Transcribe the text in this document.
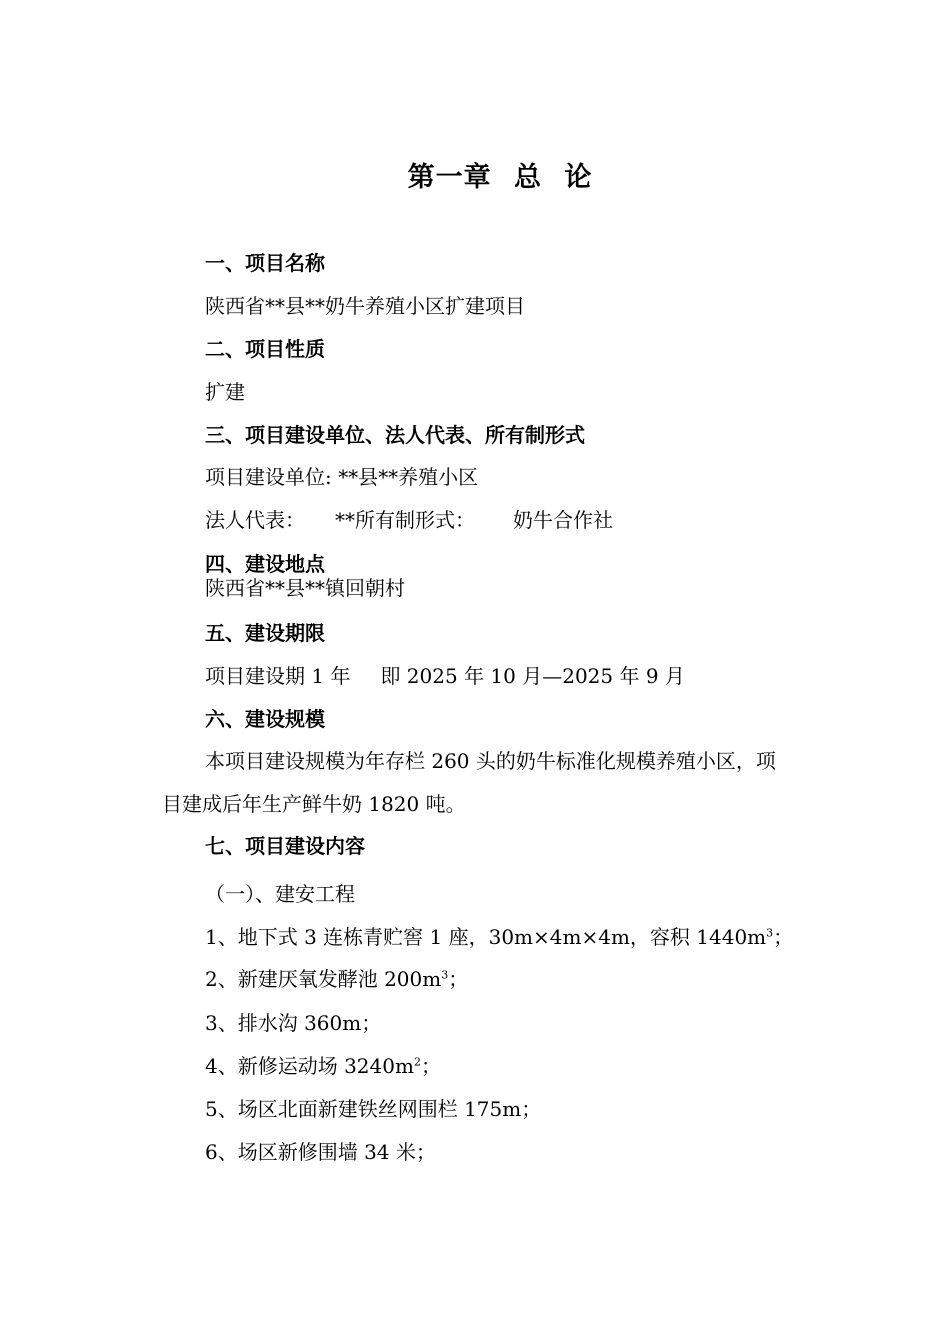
第一章 总 论
一、项目名称
陕西省**县**奶牛养殖小区扩建项目
二、项目性质
扩建
三、项目建设单位、法人代表、所有制形式
项目建设单位: **县**养殖小区
法人代表： **所有制形式： 奶牛合作社
四、建设地点
陕西省**县**镇回朝村
五、建设期限
项目建设期 1 年 即 2025 年 10 月—2025 年 9 月
六、建设规模
本项目建设规模为年存栏 260 头的奶牛标准化规模养殖小区，项
目建成后年生产鲜牛奶 1820 吨。
七、项目建设内容
（一）、建安工程
1、地下式 3 连栋青贮窖 1 座，30m×4m×4m，容积 $1440m^3$；
2、新建厌氧发酵池 $200m^3$；
3、排水沟 360m；
4、新修运动场 $3240m^2$；
5、场区北面新建铁丝网围栏 175m；
6、场区新修围墙 34 米；
